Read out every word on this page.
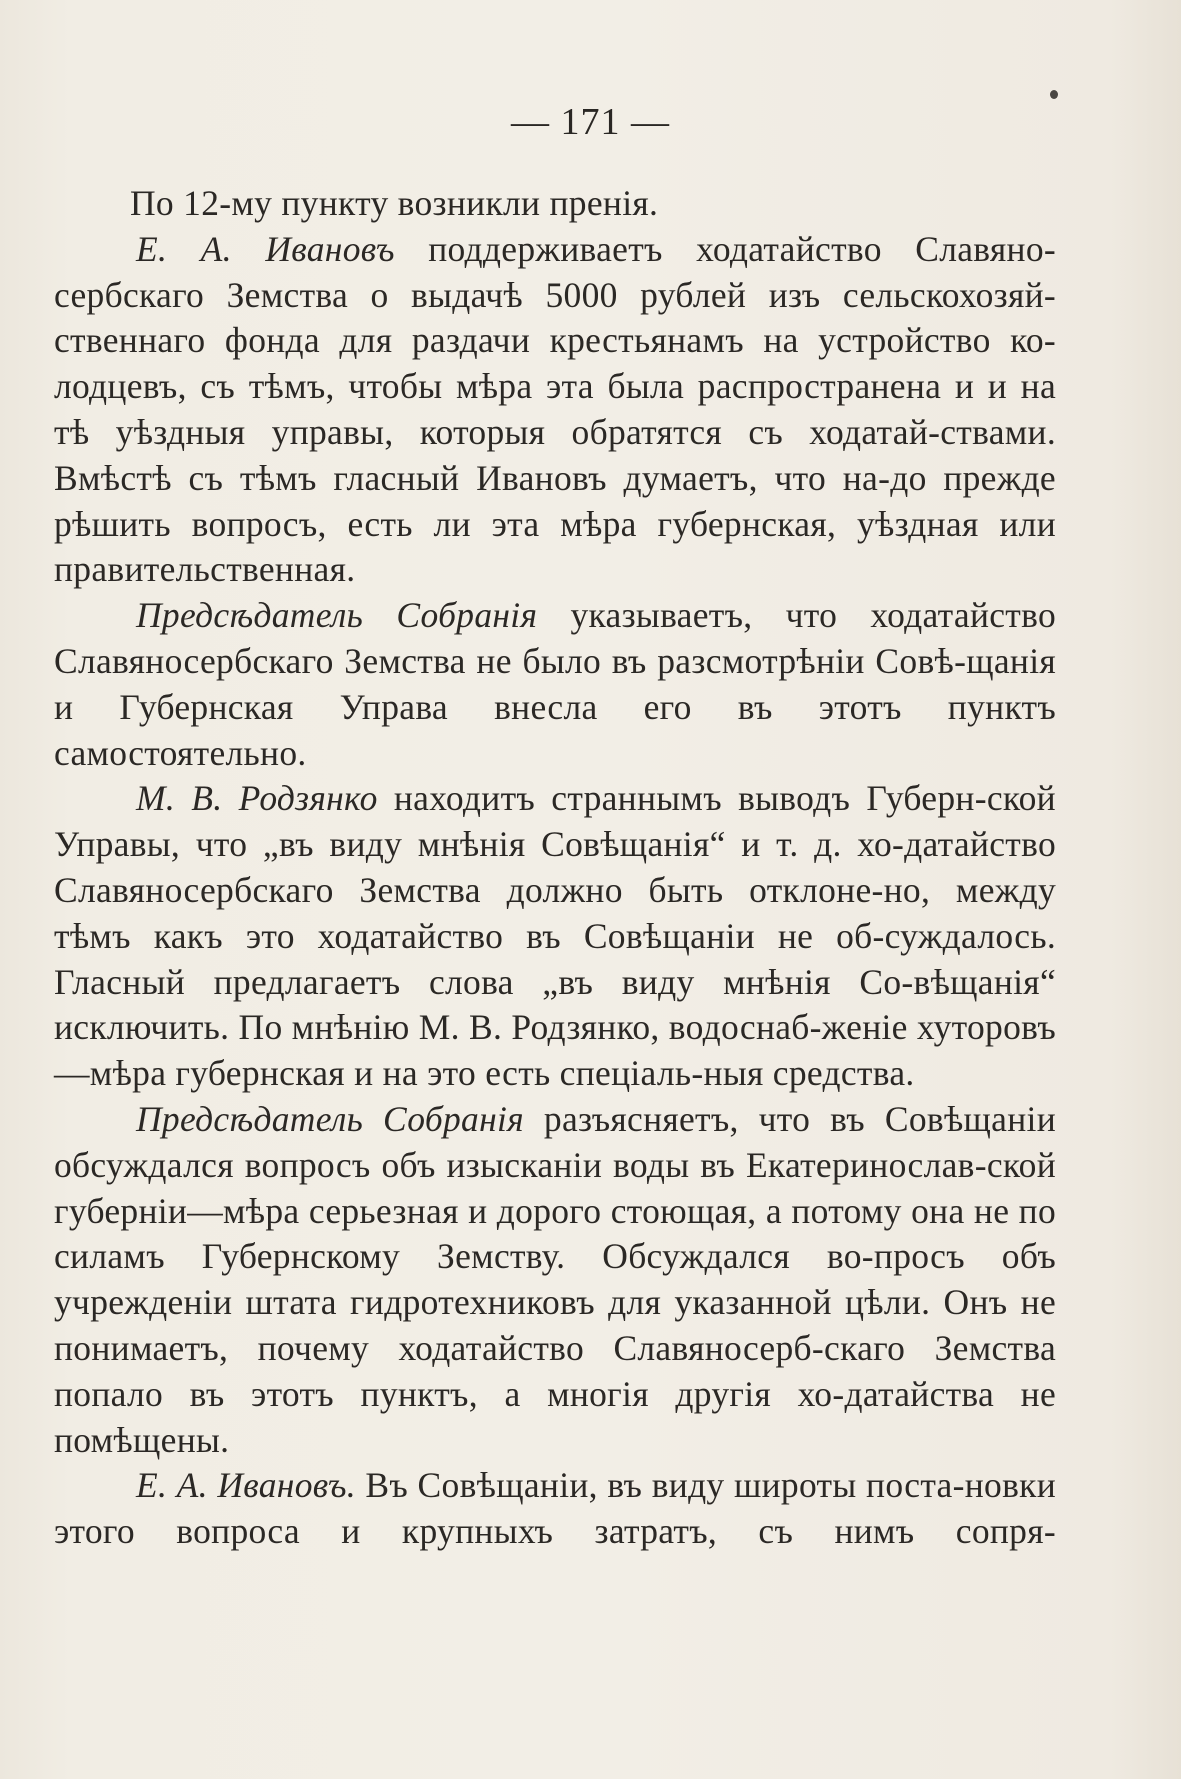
— 171 —

По 12-му пункту возникли пренія.

Е. А. Ивановъ поддерживаетъ ходатайство Славяно-сербскаго Земства о выдачѣ 5000 рублей изъ сельскохозяй-ственнаго фонда для раздачи крестьянамъ на устройство ко-лодцевъ, съ тѣмъ, чтобы мѣра эта была распространена и и на тѣ уѣздныя управы, которыя обратятся съ ходатай-ствами. Вмѣстѣ съ тѣмъ гласный Ивановъ думаетъ, что на-до прежде рѣшить вопросъ, есть ли эта мѣра губернская, уѣздная или правительственная.

Предсѣдатель Собранія указываетъ, что ходатайство Славяносербскаго Земства не было въ разсмотрѣніи Совѣ-щанія и Губернская Управа внесла его въ этотъ пунктъ самостоятельно.

М. В. Родзянко находитъ страннымъ выводъ Губерн-ской Управы, что „въ виду мнѣнія Совѣщанія“ и т. д. хо-датайство Славяносербскаго Земства должно быть отклоне-но, между тѣмъ какъ это ходатайство въ Совѣщаніи не об-суждалось. Гласный предлагаетъ слова „въ виду мнѣнія Со-вѣщанія“ исключить. По мнѣнію М. В. Родзянко, водоснаб-женіе хуторовъ—мѣра губернская и на это есть спеціаль-ныя средства.

Предсѣдатель Собранія разъясняетъ, что въ Совѣщаніи обсуждался вопросъ объ изысканіи воды въ Екатеринослав-ской губерніи—мѣра серьезная и дорого стоющая, а потому она не по силамъ Губернскому Земству. Обсуждался во-просъ объ учрежденіи штата гидротехниковъ для указанной цѣли. Онъ не понимаетъ, почему ходатайство Славяносерб-скаго Земства попало въ этотъ пунктъ, а многія другія хо-датайства не помѣщены.

Е. А. Ивановъ. Въ Совѣщаніи, въ виду широты поста-новки этого вопроса и крупныхъ затратъ, съ нимъ сопря-
